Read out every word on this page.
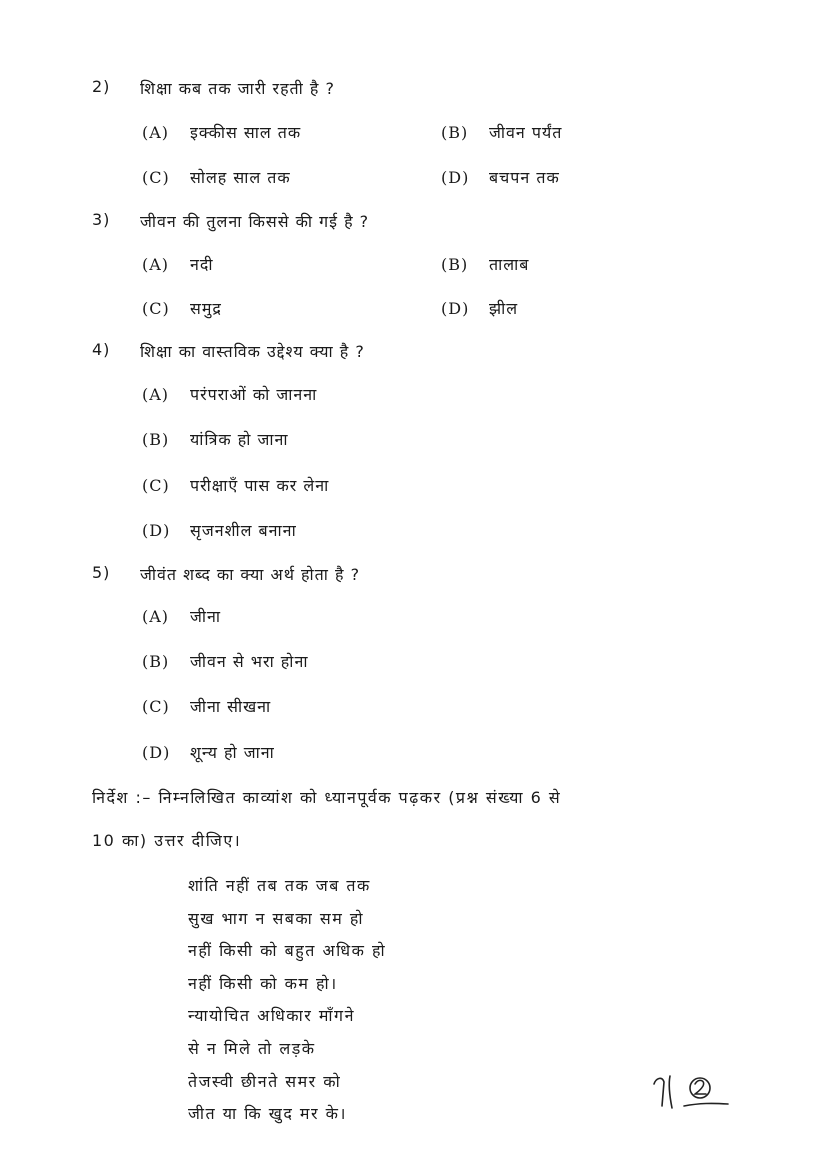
2) शिक्षा कब तक जारी रहती है ?
(A) इक्कीस साल तक	(B) जीवन पर्यंत
(C) सोलह साल तक	(D) बचपन तक
3) जीवन की तुलना किससे की गई है ?
(A) नदी	(B) तालाब
(C) समुद्र	(D) झील
4) शिक्षा का वास्तविक उद्देश्य क्या है ?
(A) परंपराओं को जानना
(B) यांत्रिक हो जाना
(C) परीक्षाएँ पास कर लेना
(D) सृजनशील बनाना
5) जीवंत शब्द का क्या अर्थ होता है ?
(A) जीना
(B) जीवन से भरा होना
(C) जीना सीखना
(D) शून्य हो जाना
निर्देश :– निम्नलिखित काव्यांश को ध्यानपूर्वक पढ़कर (प्रश्न संख्या 6 से
10 का) उत्तर दीजिए।
शांति नहीं तब तक जब तक
सुख भाग न सबका सम हो
नहीं किसी को बहुत अधिक हो
नहीं किसी को कम हो।
न्यायोचित अधिकार माँगने
से न मिले तो लड़के
तेजस्वी छीनते समर को
जीत या कि खुद मर के।
